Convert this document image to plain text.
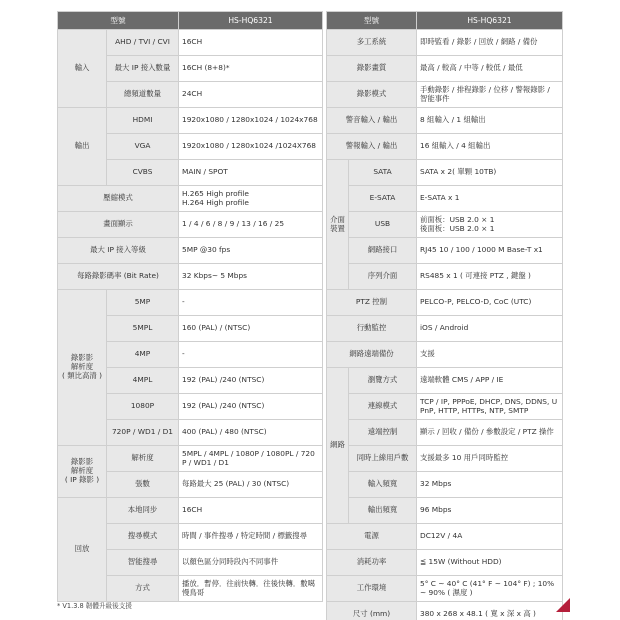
型號		HS-HQ6321
輸入	AHD / TVI / CVI	16CH
	最大 IP 接入數量	16CH (8+8)*
	總頻道數量	24CH
輸出	HDMI	1920x1080 / 1280x1024 / 1024x768
	VGA	1920x1080 / 1280x1024 /1024X768
	CVBS	MAIN / SPOT
壓縮模式		H.265 High profile
H.264 High profile

畫面顯示		1 / 4 / 6 / 8 / 9 / 13 / 16 / 25
最大 IP 接入等級		5MP @30 fps
每路錄影碼率 (Bit Rate)		32 Kbps~ 5 Mbps

錄影影
解析度
( 類比高清 )	5MP	-
	5MPL	160 (PAL) / (NTSC)
	4MP	-
	4MPL	192 (PAL) /240 (NTSC)
	1080P	192 (PAL) /240 (NTSC)
	720P / WD1 / D1	400 (PAL) / 480 (NTSC)

錄影影
解析度
( IP 錄影 )	解析度	5MPL / 4MPL / 1080P / 1080PL / 720P / WD1 / D1
	張數	每路最大 25 (PAL) / 30 (NTSC)
回放	本地同步	16CH
	搜尋模式	時間 / 事件搜尋 / 特定時間 / 標籤搜尋
	智能搜尋	以顏色區分同時段內不同事件
	方式	播放．暫停．往前快轉．往後快轉．數噶慢鳥哥
型號		HS-HQ6321
多工系統		即時監看 / 錄影 / 回放 / 網路 / 備份
錄影畫質		最高 / 較高 / 中等 / 較低 / 最低
錄影模式		手動錄影 / 排程錄影 / 位移 / 警報錄影 / 智能事件
警音輸入 / 輸出		8 組輸入 / 1 組輸出
警報輸入 / 輸出		16 組輸入 / 4 組輸出

介面
裝置	SATA	SATA x 2( 單顆 10TB)
	E-SATA	E-SATA x 1
	USB	前面板：USB 2.0 × 1
後面板：USB 2.0 × 1

	網路接口	RJ45 10 / 100 / 1000 M Base-T x1
	序列介面	RS485 x 1 ( 可連接 PTZ , 鍵盤 )
PTZ 控制		PELCO-P, PELCO-D, CoC (UTC)
行動監控		iOS / Android
網路遠端備份		支援
網路	瀏覽方式	遠端軟體 CMS / APP / IE
	連線模式	TCP / IP, PPPoE, DHCP, DNS, DDNS, UPnP, HTTP, HTTPs, NTP, SMTP
	遠端控制	顯示 / 回收 / 備份 / 參數設定 / PTZ 操作
	同時上線用戶數	支援最多 10 用戶同時監控
	輸入頻寬	32 Mbps
	輸出頻寬	96 Mbps
電源		DC12V / 4A
消耗功率		≦ 15W (Without HDD)
工作環境		5° C ~ 40° C (41° F ~ 104° F) ; 10%~ 90% ( 濕度 )
尺寸 (mm)		380 x 268 x 48.1 ( 寬 x 深 x 高 )
* V1.3.8 韌體升級後支援
